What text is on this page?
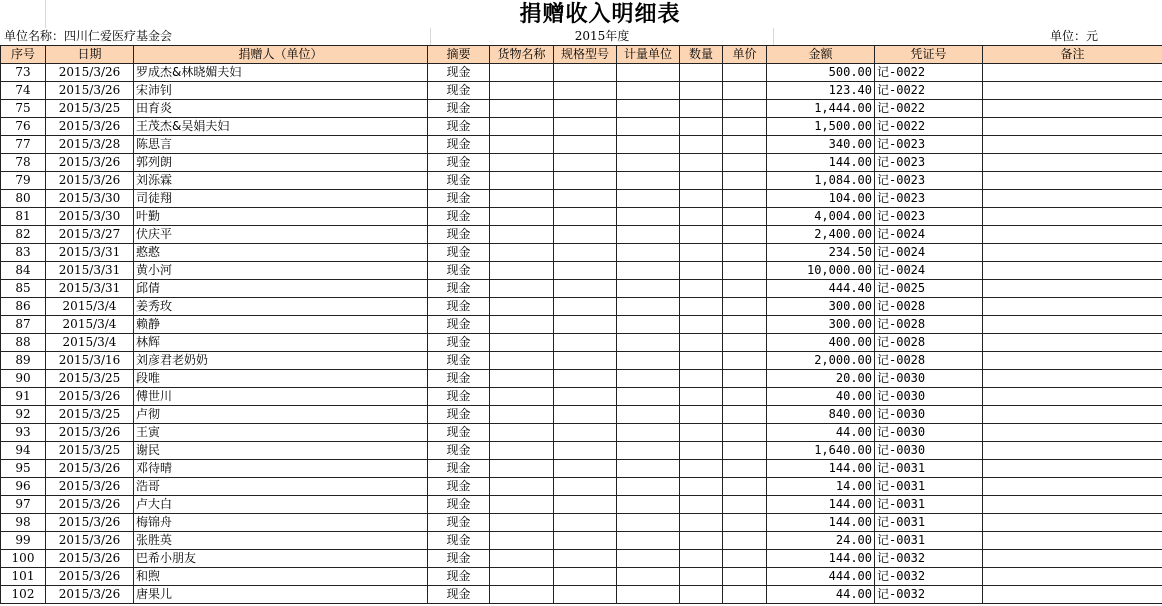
捐赠收入明细表
单位名称：四川仁爱医疗基金会	2015年度	单位：元
序号	日期	捐赠人（单位）	摘要	货物名称	规格型号	计量单位	数量	单价	金额	凭证号	备注
73	2015/3/26	罗成杰&林晓媚夫妇	现金						500.00	记-0022	
74	2015/3/26	宋沛钊	现金						123.40	记-0022	
75	2015/3/25	田育炎	现金						1,444.00	记-0022	
76	2015/3/26	王茂杰&吴娟夫妇	现金						1,500.00	记-0022	
77	2015/3/28	陈思言	现金						340.00	记-0023	
78	2015/3/26	郭列朗	现金						144.00	记-0023	
79	2015/3/26	刘泺霖	现金						1,084.00	记-0023	
80	2015/3/30	司徒翔	现金						104.00	记-0023	
81	2015/3/30	叶勤	现金						4,004.00	记-0023	
82	2015/3/27	伏庆平	现金						2,400.00	记-0024	
83	2015/3/31	憨憨	现金						234.50	记-0024	
84	2015/3/31	黄小河	现金						10,000.00	记-0024	
85	2015/3/31	邱倩	现金						444.40	记-0025	
86	2015/3/4	姜秀玫	现金						300.00	记-0028	
87	2015/3/4	赖静	现金						300.00	记-0028	
88	2015/3/4	林辉	现金						400.00	记-0028	
89	2015/3/16	刘彦君老奶奶	现金						2,000.00	记-0028	
90	2015/3/25	段唯	现金						20.00	记-0030	
91	2015/3/26	傅世川	现金						40.00	记-0030	
92	2015/3/25	卢彻	现金						840.00	记-0030	
93	2015/3/26	王寅	现金						44.00	记-0030	
94	2015/3/25	谢民	现金						1,640.00	记-0030	
95	2015/3/26	邓待晴	现金						144.00	记-0031	
96	2015/3/26	浩哥	现金						14.00	记-0031	
97	2015/3/26	卢大白	现金						144.00	记-0031	
98	2015/3/26	梅锦舟	现金						144.00	记-0031	
99	2015/3/26	张胜英	现金						24.00	记-0031	
100	2015/3/26	巴希小朋友	现金						144.00	记-0032	
101	2015/3/26	和煦	现金						444.00	记-0032	
102	2015/3/26	唐果儿	现金						44.00	记-0032	
